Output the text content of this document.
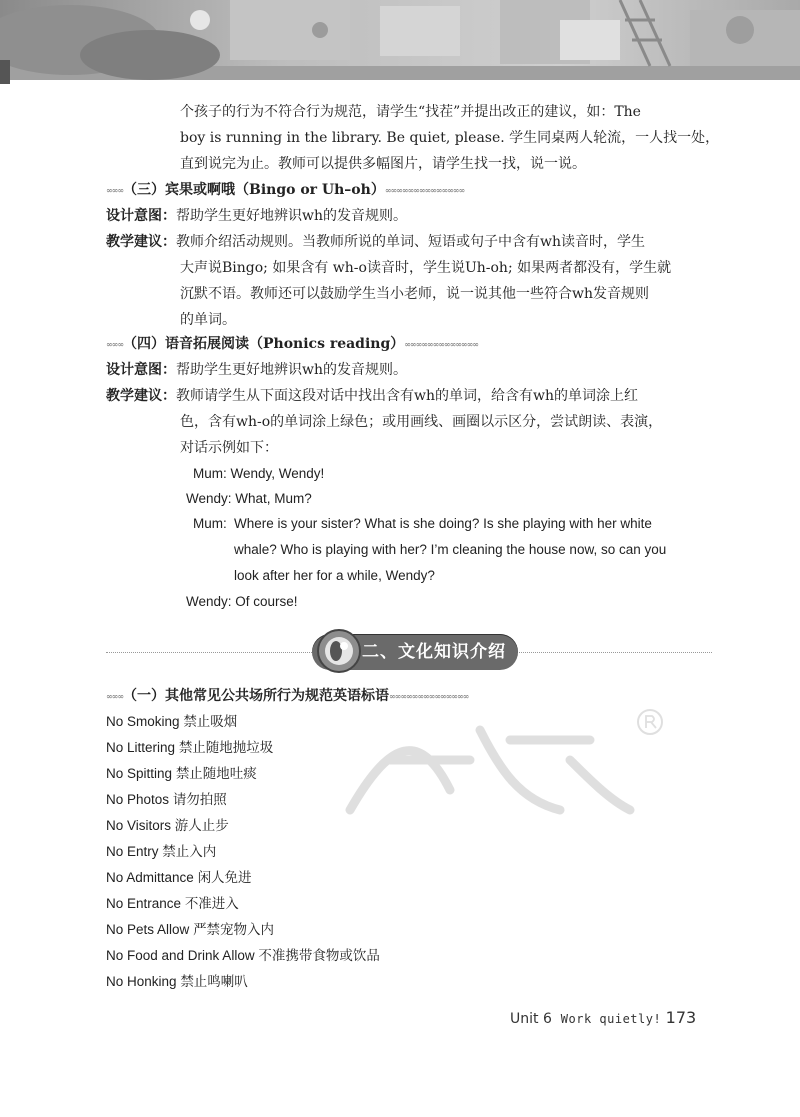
个孩子的行为不符合行为规范，请学生“找茬”并提出改正的建议，如：The
boy is running in the library. Be quiet, please. 学生同桌两人轮流，一人找一处，
直到说完为止。教师可以提供多幅图片，请学生找一找，说一说。
∞∞∞（三）宾果或啊哦（Bingo or Uh–oh）∞∞∞∞∞∞∞∞∞∞∞∞∞∞
设计意图：帮助学生更好地辨识wh的发音规则。
教学建议：教师介绍活动规则。当教师所说的单词、短语或句子中含有wh读音时，学生
大声说Bingo; 如果含有 wh-o读音时，学生说Uh-oh; 如果两者都没有，学生就
沉默不语。教师还可以鼓励学生当小老师，说一说其他一些符合wh发音规则
的单词。
∞∞∞（四）语音拓展阅读（Phonics reading）∞∞∞∞∞∞∞∞∞∞∞∞∞
设计意图：帮助学生更好地辨识wh的发音规则。
教学建议：教师请学生从下面这段对话中找出含有wh的单词，给含有wh的单词涂上红
色，含有wh-o的单词涂上绿色；或用画线、画圈以示区分，尝试朗读、表演，
对话示例如下：
Mum: Wendy, Wendy!
Wendy: What, Mum?
Mum: Where is your sister? What is she doing? Is she playing with her white
whale? Who is playing with her? I’m cleaning the house now, so can you
look after her for a while, Wendy?
Wendy: Of course!
二、文化知识介绍
∞∞∞（一）其他常见公共场所行为规范英语标语∞∞∞∞∞∞∞∞∞∞∞∞∞∞
No Smoking 禁止吸烟
No Littering 禁止随地抛垃圾
No Spitting 禁止随地吐痰
No Photos 请勿拍照
No Visitors 游人止步
No Entry 禁止入内
No Admittance 闲人免进
No Entrance 不准进入
No Pets Allow 严禁宠物入内
No Food and Drink Allow 不准携带食物或饮品
No Honking 禁止鸣喇叭
Unit 6 Work quietly! 173
